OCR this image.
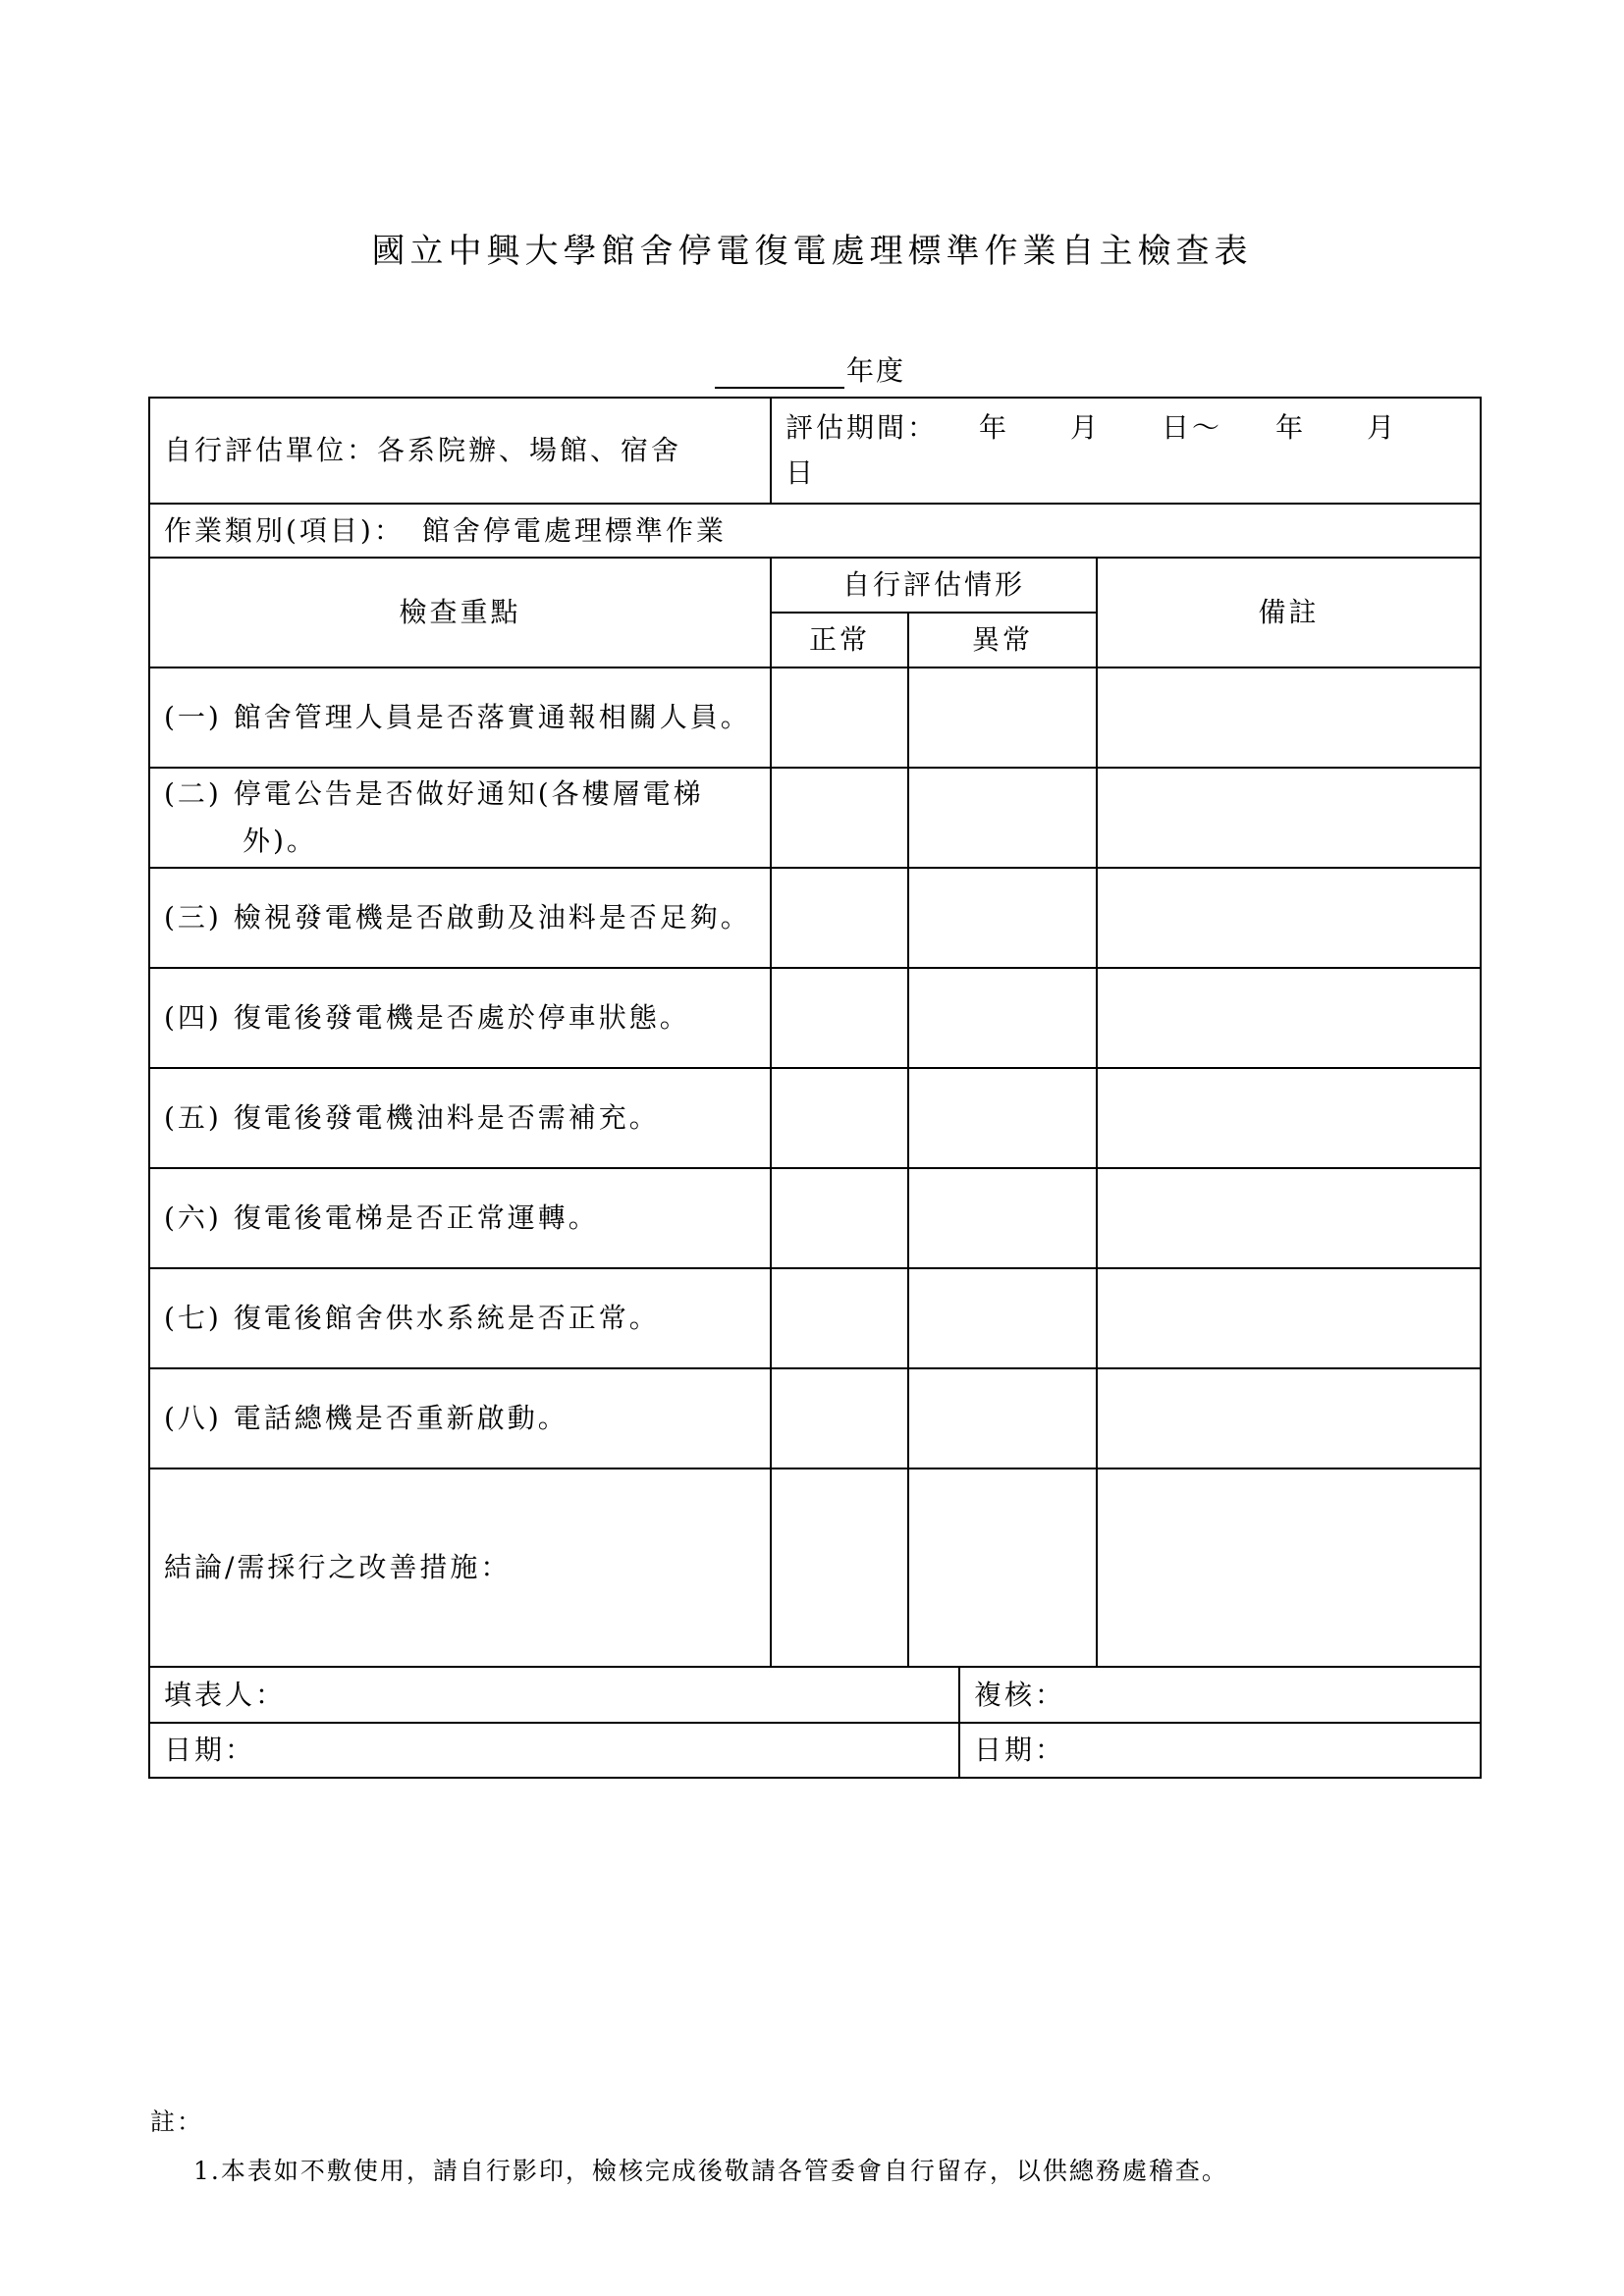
國立中興大學館舍停電復電處理標準作業自主檢查表
年度
自行評估單位：各系院辦、場館、宿舍	評估期間： 年 月 日～ 年 月日			
作業類別(項目)： 館舍停電處理標準作業				
檢查重點	自行評估情形			備註
	正常	異常		

(一) 館舍管理人員是否落實通報相關人員。				

(二) 停電公告是否做好通知(各樓層電梯外)。				

(三) 檢視發電機是否啟動及油料是否足夠。				

(四) 復電後發電機是否處於停車狀態。				

(五) 復電後發電機油料是否需補充。				

(六) 復電後電梯是否正常運轉。				

(七) 復電後館舍供水系統是否正常。				

(八) 電話總機是否重新啟動。				

結論/需採行之改善措施：				
填表人：			複核：	
日期：			日期：	
註：
1.本表如不敷使用，請自行影印，檢核完成後敬請各管委會自行留存，以供總務處稽查。
